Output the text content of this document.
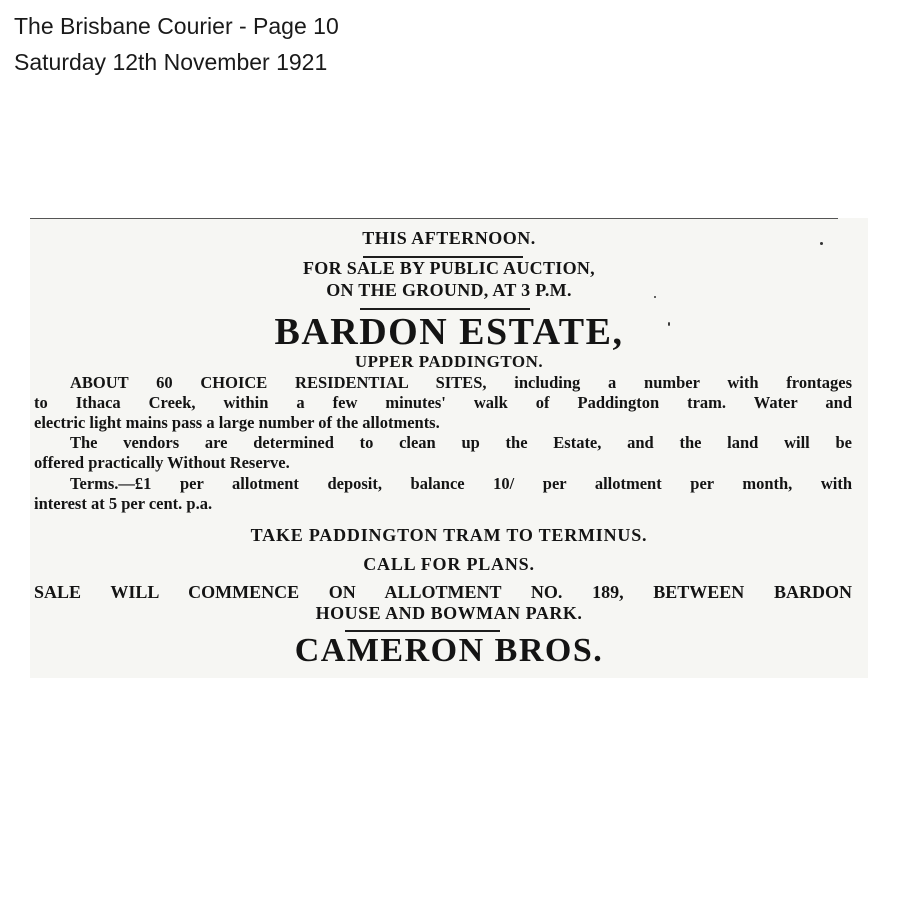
The Brisbane Courier - Page 10
Saturday 12th November 1921
THIS AFTERNOON.
FOR SALE BY PUBLIC AUCTION,
ON THE GROUND, AT 3 P.M.
BARDON ESTATE,
UPPER PADDINGTON.
ABOUT 60 CHOICE RESIDENTIAL SITES, including a number with frontages
to Ithaca Creek, within a few minutes' walk of Paddington tram. Water and
electric light mains pass a large number of the allotments.
The vendors are determined to clean up the Estate, and the land will be
offered practically Without Reserve.
Terms.—£1 per allotment deposit, balance 10/ per allotment per month, with
interest at 5 per cent. p.a.
TAKE PADDINGTON TRAM TO TERMINUS.
CALL FOR PLANS.
SALE WILL COMMENCE ON ALLOTMENT NO. 189, BETWEEN BARDON
HOUSE AND BOWMAN PARK.
CAMERON BROS.
